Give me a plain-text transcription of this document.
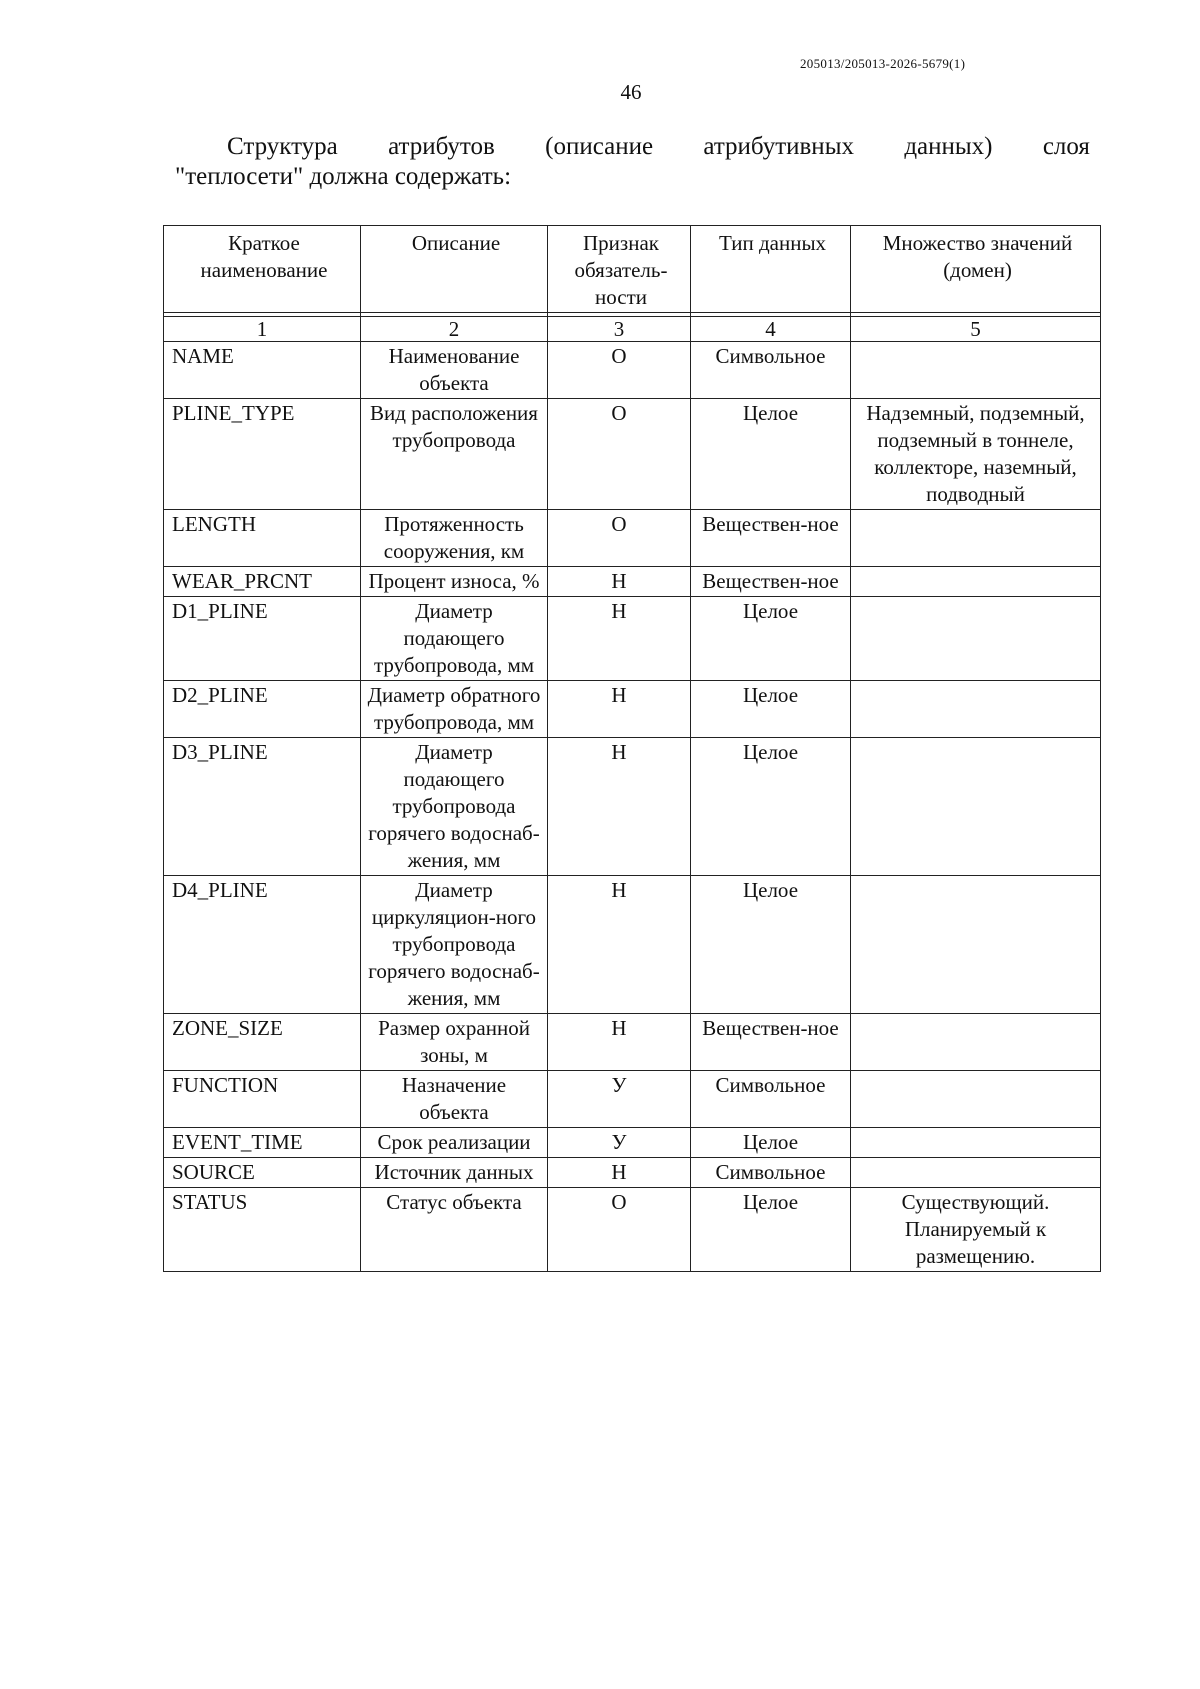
205013/205013-2026-5679(1)
46
Структура атрибутов (описание атрибутивных данных) слоя
"теплосети" должна содержать:
Краткое наименование	Описание	Признак обязатель-ности	Тип данных	Множество значений (домен)

1	2	3	4	5
NAME	Наименование объекта	О	Символьное	
PLINE_TYPE	Вид расположения трубопровода	О	Целое	Надземный, подземный, подземный в тоннеле, коллекторе, наземный, подводный
LENGTH	Протяженность сооружения, км	О	Веществен-ное	
WEAR_PRCNT	Процент износа, %	Н	Веществен-ное	
D1_PLINE	Диаметр подающего трубопровода, мм	Н	Целое	
D2_PLINE	Диаметр обратного трубопровода, мм	Н	Целое	
D3_PLINE	Диаметр подающего трубопровода горячего водоснаб-жения, мм	Н	Целое	
D4_PLINE	Диаметр циркуляцион-ного трубопровода горячего водоснаб-жения, мм	Н	Целое	
ZONE_SIZE	Размер охранной зоны, м	Н	Веществен-ное	
FUNCTION	Назначение объекта	У	Символьное	
EVENT_TIME	Срок реализации	У	Целое	
SOURCE	Источник данных	Н	Символьное	
STATUS	Статус объекта	О	Целое	Существующий. Планируемый к размещению.
